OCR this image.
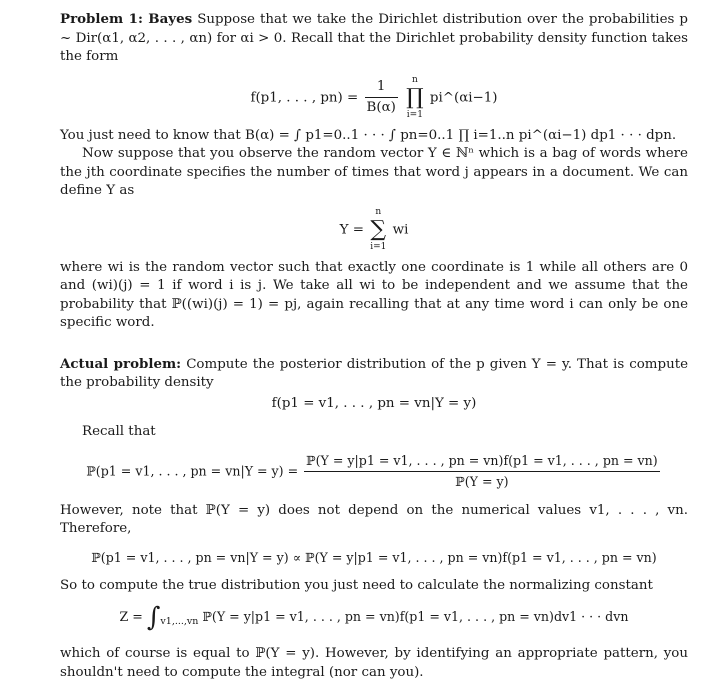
Problem 1: Bayes Suppose that we take the Dirichlet distribution over the probabilities p ~ Dir(α1, α2, . . . , αn) for αi > 0. Recall that the Dirichlet probability density function takes the form

f(p1, . . . , $pn) = \frac{1}{B(\alpha)}$
	n
∏
i=1
pi^(αi−1)

You just need to know that B(α) = ∫ p1=0..1 · · · ∫ pn=0..1 ∏ i=1..n pi^(αi−1) dp1 · · · dpn.

Now suppose that you observe the random vector Y ∈ ℕⁿ which is a bag of words where the jth coordinate specifies the number of times that word j appears in a document. We can define Y as

Y =
n
∑
i=1
wi

where wi is the random vector such that exactly one coordinate is 1 while all others are 0 and (wi)(j) = 1 if word i is j. We take all wi to be independent and we assume that the probability that ℙ((wi)(j) = 1) = pj, again recalling that at any time word i can only be one specific word.

Actual problem: Compute the posterior distribution of the p given Y = y. That is compute the probability density

f(p1 = v1, . . . , pn = vn|Y = y)

Recall that

ℙ(p1 = v1, . . . , pn = $vn|Y = y) = \frac{\text{ℙ(Y = y|p1 = v1, . . . , pn = vn)f(p1 = v1, . . . , pn = vn)}}{\text{ℙ(Y = y)}}$

However, note that ℙ(Y = y) does not depend on the numerical values v1, . . . , vn. Therefore,

ℙ(p1 = v1, . . . , pn = vn|Y = y) ∝ ℙ(Y = y|p1 = v1, . . . , pn = vn)f(p1 = v1, . . . , pn = vn)

So to compute the true distribution you just need to calculate the normalizing constant

$Z = \int_{v1,...,vn}$ ℙ(Y = y|p1 = v1, . . . , pn = vn)f(p1 = v1, . . . , pn = vn)dv1 · · · dvn

which of course is equal to ℙ(Y = y). However, by identifying an appropriate pattern, you shouldn't need to compute the integral (nor can you).
